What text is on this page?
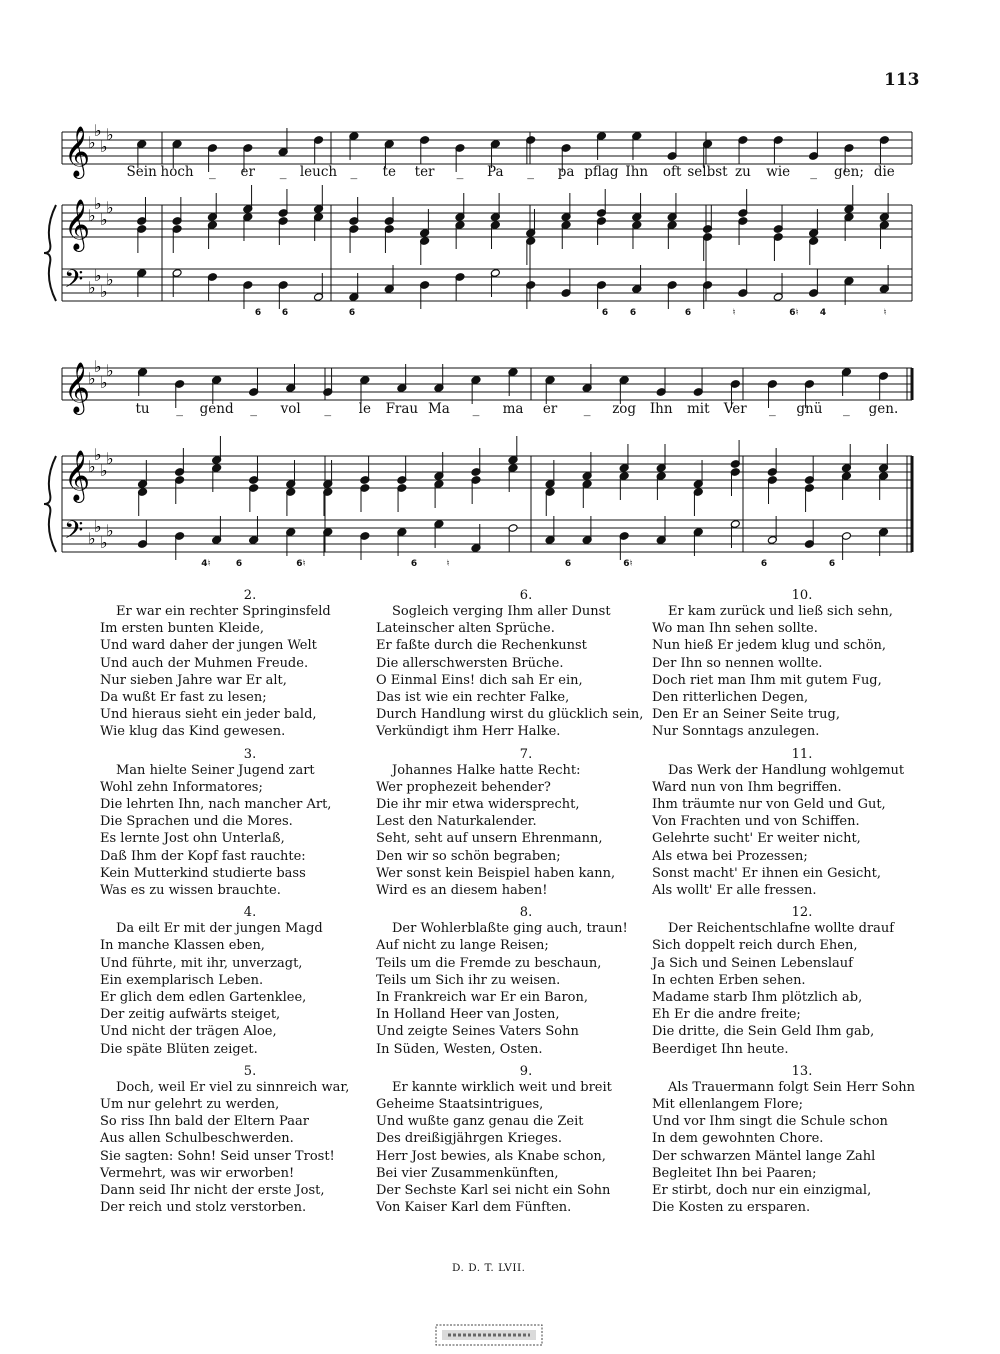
113
𝄞
♭
♭
♭
♭
𝄞
♭
♭
♭
♭
𝄢 ♭
♭
♭
♭
Sein hoch _ er _ leuch _ te ter _ Pa _ pa pflag Ihn oft selbst zu wie _ gen; die
6 6	6	6 6	6	♮	6♮ 4	♮
𝄞
♭
♭
♭
♭
𝄞
♭
♭
♭
♭
𝄢 ♭
♭
♭
♭
tu _ gend _ vol _ le Frau Ma _ ma er _ zog Ihn mit Ver _ gnü _ gen.
4♮	6	6♮	6	♮	6	6♮	6	6
2.
Er war ein rechter Springinsfeld
Im ersten bunten Kleide,
Und ward daher der jungen Welt
Und auch der Muhmen Freude.
Nur sieben Jahre war Er alt,
Da wußt Er fast zu lesen;
Und hieraus sieht ein jeder bald,
Wie klug das Kind gewesen.
3.
Man hielte Seiner Jugend zart
Wohl zehn Informatores;
Die lehrten Ihn, nach mancher Art,
Die Sprachen und die Mores.
Es lernte Jost ohn Unterlaß,
Daß Ihm der Kopf fast rauchte:
Kein Mutterkind studierte bass
Was es zu wissen brauchte.
4.
Da eilt Er mit der jungen Magd
In manche Klassen eben,
Und führte, mit ihr, unverzagt,
Ein exemplarisch Leben.
Er glich dem edlen Gartenklee,
Der zeitig aufwärts steiget,
Und nicht der trägen Aloe,
Die späte Blüten zeiget.
5.
Doch, weil Er viel zu sinnreich war,
Um nur gelehrt zu werden,
So riss Ihn bald der Eltern Paar
Aus allen Schulbeschwerden.
Sie sagten: Sohn! Seid unser Trost!
Vermehrt, was wir erworben!
Dann seid Ihr nicht der erste Jost,
Der reich und stolz verstorben.
6.
Sogleich verging Ihm aller Dunst
Lateinscher alten Sprüche.
Er faßte durch die Rechenkunst
Die allerschwersten Brüche.
O Einmal Eins! dich sah Er ein,
Das ist wie ein rechter Falke,
Durch Handlung wirst du glücklich sein,
Verkündigt ihm Herr Halke.
7.
Johannes Halke hatte Recht:
Wer prophezeit behender?
Die ihr mir etwa widersprecht,
Lest den Naturkalender.
Seht, seht auf unsern Ehrenmann,
Den wir so schön begraben;
Wer sonst kein Beispiel haben kann,
Wird es an diesem haben!
8.
Der Wohlerblaßte ging auch, traun!
Auf nicht zu lange Reisen;
Teils um die Fremde zu beschaun,
Teils um Sich ihr zu weisen.
In Frankreich war Er ein Baron,
In Holland Heer van Josten,
Und zeigte Seines Vaters Sohn
In Süden, Westen, Osten.
9.
Er kannte wirklich weit und breit
Geheime Staatsintrigues,
Und wußte ganz genau die Zeit
Des dreißigjährgen Krieges.
Herr Jost bewies, als Knabe schon,
Bei vier Zusammenkünften,
Der Sechste Karl sei nicht ein Sohn
Von Kaiser Karl dem Fünften.
10.
Er kam zurück und ließ sich sehn,
Wo man Ihn sehen sollte.
Nun hieß Er jedem klug und schön,
Der Ihn so nennen wollte.
Doch riet man Ihm mit gutem Fug,
Den ritterlichen Degen,
Den Er an Seiner Seite trug,
Nur Sonntags anzulegen.
11.
Das Werk der Handlung wohlgemut
Ward nun von Ihm begriffen.
Ihm träumte nur von Geld und Gut,
Von Frachten und von Schiffen.
Gelehrte sucht' Er weiter nicht,
Als etwa bei Prozessen;
Sonst macht' Er ihnen ein Gesicht,
Als wollt' Er alle fressen.
12.
Der Reichentschlafne wollte drauf
Sich doppelt reich durch Ehen,
Ja Sich und Seinen Lebenslauf
In echten Erben sehen.
Madame starb Ihm plötzlich ab,
Eh Er die andre freite;
Die dritte, die Sein Geld Ihm gab,
Beerdiget Ihn heute.
13.
Als Trauermann folgt Sein Herr Sohn
Mit ellenlangem Flore;
Und vor Ihm singt die Schule schon
In dem gewohnten Chore.
Der schwarzen Mäntel lange Zahl
Begleitet Ihn bei Paaren;
Er stirbt, doch nur ein einzigmal,
Die Kosten zu ersparen.
D. D. T. LVII.
